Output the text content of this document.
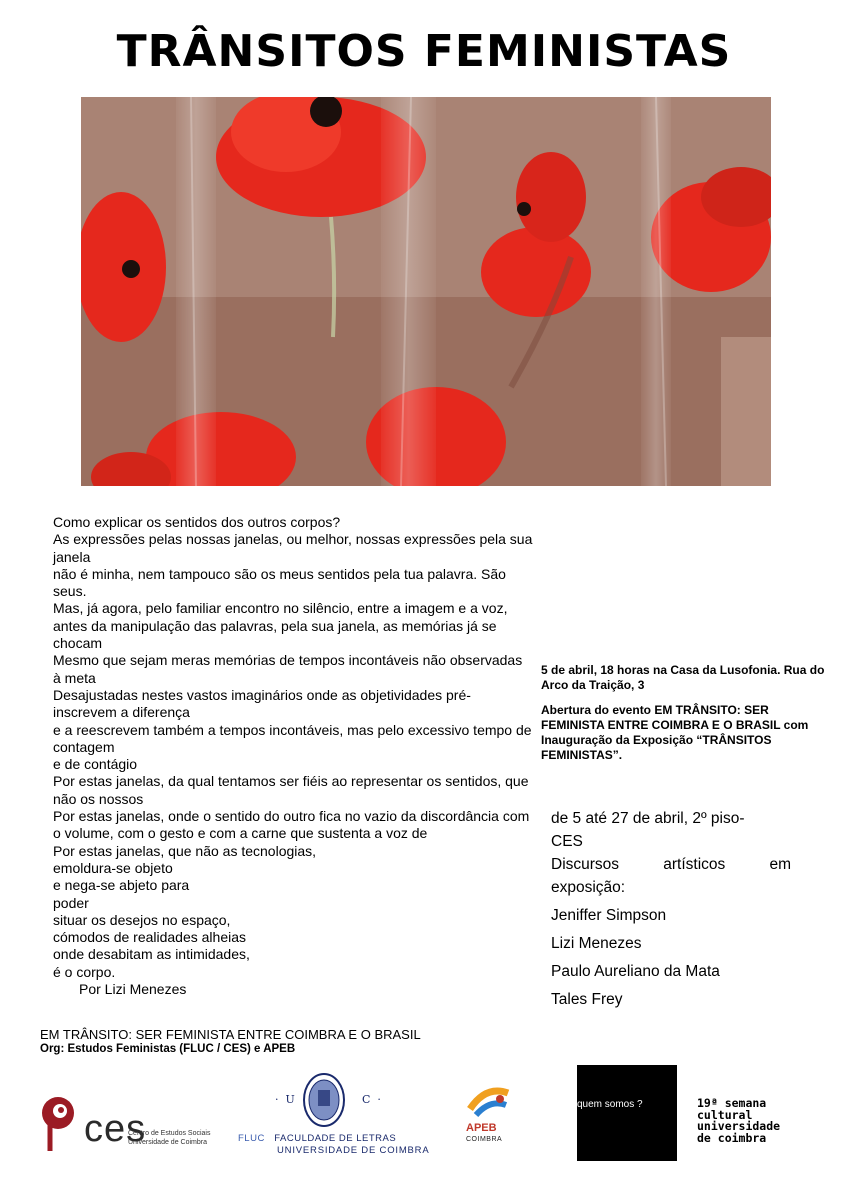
TRÂNSITOS FEMINISTAS
Como explicar os sentidos dos outros corpos?
As expressões pelas nossas janelas, ou melhor, nossas expressões pela sua janela
não é minha, nem tampouco são os meus sentidos pela tua palavra. São seus.
Mas, já agora, pelo familiar encontro no silêncio, entre a imagem e a voz, antes da manipulação das palavras, pela sua janela, as memórias já se chocam
Mesmo que sejam meras memórias de tempos incontáveis não observadas à meta
Desajustadas nestes vastos imaginários onde as objetividades pré-inscrevem a diferença
e a reescrevem também a tempos incontáveis, mas pelo excessivo tempo de contagem
e de contágio
Por estas janelas, da qual tentamos ser fiéis ao representar os sentidos, que não os nossos
Por estas janelas, onde o sentido do outro fica no vazio da discordância com o volume, com o gesto e com a carne que sustenta a voz de
Por estas janelas, que não as tecnologias,
emoldura-se objeto
e nega-se abjeto para
poder
situar os desejos no espaço,
cómodos de realidades alheias
onde desabitam as intimidades,
é o corpo.
Por Lizi Menezes

5 de abril, 18 horas na Casa da Lusofonia. Rua do Arco da Traição, 3

Abertura do evento EM TRÂNSITO: SER FEMINISTA ENTRE COIMBRA E O BRASIL com Inauguração da Exposição “TRÂNSITOS FEMINISTAS”.

de 5 até 27 de abril, 2º piso-
CES
Discursos artísticos em
exposição:
Jeniffer Simpson
Lizi Menezes
Paulo Aureliano da Mata
Tales Frey
EM TRÂNSITO: SER FEMINISTA ENTRE COIMBRA E O BRASIL
Org: Estudos Feministas (FLUC / CES) e APEB
ces
Centro de Estudos Sociais
Universidade de Coimbra
·  U	C  ·
FLUC FACULDADE DE LETRAS
UNIVERSIDADE DE COIMBRA
APEB
COIMBRA
quem somos ?	19ª semana
cultural
universidade
de coimbra
